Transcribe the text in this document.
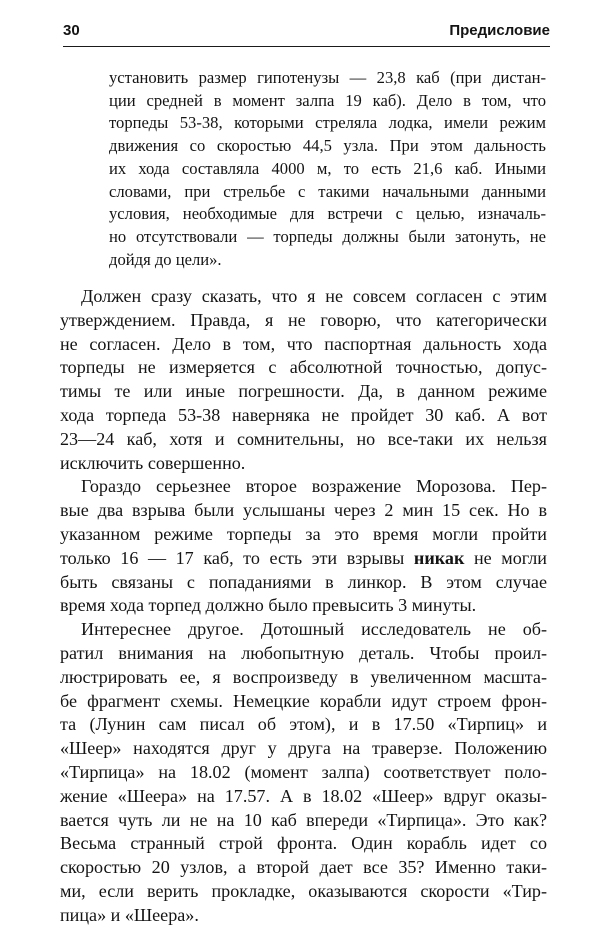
30	Предисловие
установить размер гипотенузы — 23,8 каб (при дистан-
ции средней в момент залпа 19 каб). Дело в том, что
торпеды 53-38, которыми стреляла лодка, имели режим
движения со скоростью 44,5 узла. При этом дальность
их хода составляла 4000 м, то есть 21,6 каб. Иными
словами, при стрельбе с такими начальными данными
условия, необходимые для встречи с целью, изначаль-
но отсутствовали — торпеды должны были затонуть, не
дойдя до цели».
Должен сразу сказать, что я не совсем согласен с этим
утверждением. Правда, я не говорю, что категорически
не согласен. Дело в том, что паспортная дальность хода
торпеды не измеряется с абсолютной точностью, допус-
тимы те или иные погрешности. Да, в данном режиме
хода торпеда 53-38 наверняка не пройдет 30 каб. А вот
23—24 каб, хотя и сомнительны, но все-таки их нельзя
исключить совершенно.
Гораздо серьезнее второе возражение Морозова. Пер-
вые два взрыва были услышаны через 2 мин 15 сек. Но в
указанном режиме торпеды за это время могли пройти
только 16 — 17 каб, то есть эти взрывы никак не могли
быть связаны с попаданиями в линкор. В этом случае
время хода торпед должно было превысить 3 минуты.
Интереснее другое. Дотошный исследователь не об-
ратил внимания на любопытную деталь. Чтобы проил-
люстрировать ее, я воспроизведу в увеличенном масшта-
бе фрагмент схемы. Немецкие корабли идут строем фрон-
та (Лунин сам писал об этом), и в 17.50 «Тирпиц» и
«Шеер» находятся друг у друга на траверзе. Положению
«Тирпица» на 18.02 (момент залпа) соответствует поло-
жение «Шеера» на 17.57. А в 18.02 «Шеер» вдруг оказы-
вается чуть ли не на 10 каб впереди «Тирпица». Это как?
Весьма странный строй фронта. Один корабль идет со
скоростью 20 узлов, а второй дает все 35? Именно таки-
ми, если верить прокладке, оказываются скорости «Тир-
пица» и «Шеера».
